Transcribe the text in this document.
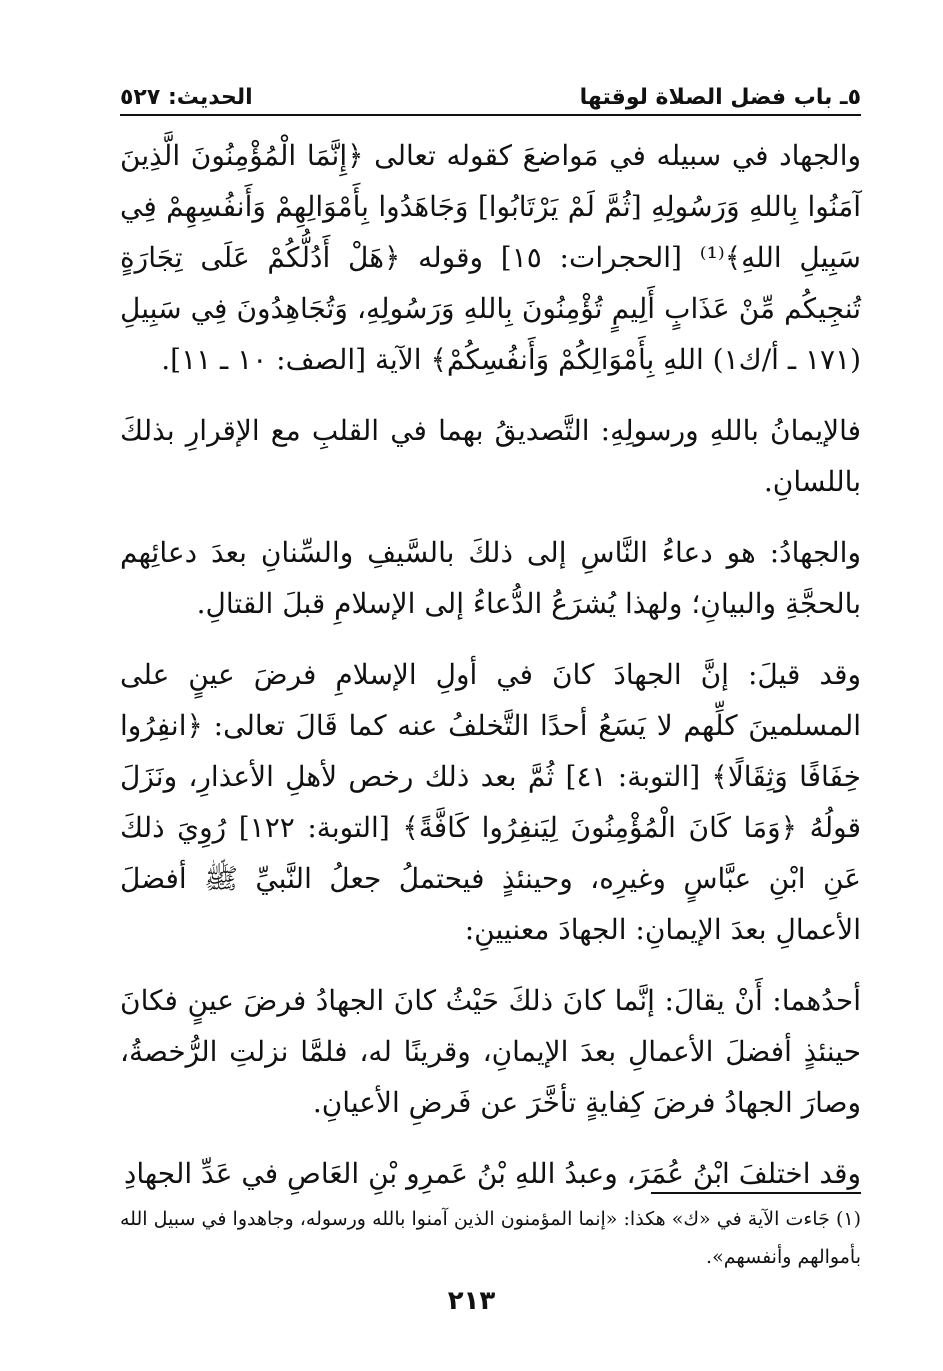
٥ـ باب فضل الصلاة لوقتها
الحديث: ٥٢٧

والجهاد في سبيله في مَواضعَ كقوله تعالى ﴿إِنَّمَا الْمُؤْمِنُونَ الَّذِينَ آمَنُوا بِاللهِ وَرَسُولِهِ [ثُمَّ لَمْ يَرْتَابُوا] وَجَاهَدُوا بِأَمْوَالِهِمْ وَأَنفُسِهِمْ فِي سَبِيلِ اللهِ﴾⁽¹⁾ [الحجرات: ١٥] وقوله ﴿هَلْ أَدُلُّكُمْ عَلَى تِجَارَةٍ تُنجِيكُم مِّنْ عَذَابٍ أَلِيمٍ تُؤْمِنُونَ بِاللهِ وَرَسُولِهِ، وَتُجَاهِدُونَ فِي سَبِيلِ (١٧١ ـ أ/ك١) اللهِ بِأَمْوَالِكُمْ وَأَنفُسِكُمْ﴾ الآية [الصف: ١٠ ـ ١١].

فالإيمانُ باللهِ ورسولِهِ: التَّصديقُ بهما في القلبِ مع الإقرارِ بذلكَ باللسانِ.

والجهادُ: هو دعاءُ النَّاسِ إلى ذلكَ بالسَّيفِ والسِّنانِ بعدَ دعائِهم بالحجَّةِ والبيانِ؛ ولهذا يُشرَعُ الدُّعاءُ إلى الإسلامِ قبلَ القتالِ.

وقد قيلَ: إنَّ الجهادَ كانَ في أولِ الإسلامِ فرضَ عينٍ على المسلمينَ كلِّهم لا يَسَعُ أحدًا التَّخلفُ عنه كما قَالَ تعالى: ﴿انفِرُوا خِفَافًا وَثِقَالًا﴾ [التوبة: ٤١] ثُمَّ بعد ذلك رخص لأهلِ الأعذارِ، ونَزَلَ قولُهُ ﴿وَمَا كَانَ الْمُؤْمِنُونَ لِيَنفِرُوا كَافَّةً﴾ [التوبة: ١٢٢] رُوِيَ ذلكَ عَنِ ابْنِ عبَّاسٍ وغيرِه، وحينئذٍ فيحتملُ جعلُ النَّبيِّ ﷺ أفضلَ الأعمالِ بعدَ الإيمانِ: الجهادَ معنيينِ:

أحدُهما: أَنْ يقالَ: إنَّما كانَ ذلكَ حَيْثُ كانَ الجهادُ فرضَ عينٍ فكانَ حينئذٍ أفضلَ الأعمالِ بعدَ الإيمانِ، وقرينًا له، فلمَّا نزلتِ الرُّخصةُ، وصارَ الجهادُ فرضَ كِفايةٍ تأخَّرَ عن فَرضِ الأعيانِ.

وقد اختلفَ ابْنُ عُمَرَ، وعبدُ اللهِ بْنُ عَمرِو بْنِ العَاصِ في عَدِّ الجهادِ

(١) جَاءت الآية في «ك» هكذا: «إنما المؤمنون الذين آمنوا بالله ورسوله، وجاهدوا في سبيل الله بأموالهم وأنفسهم».
٢١٣
